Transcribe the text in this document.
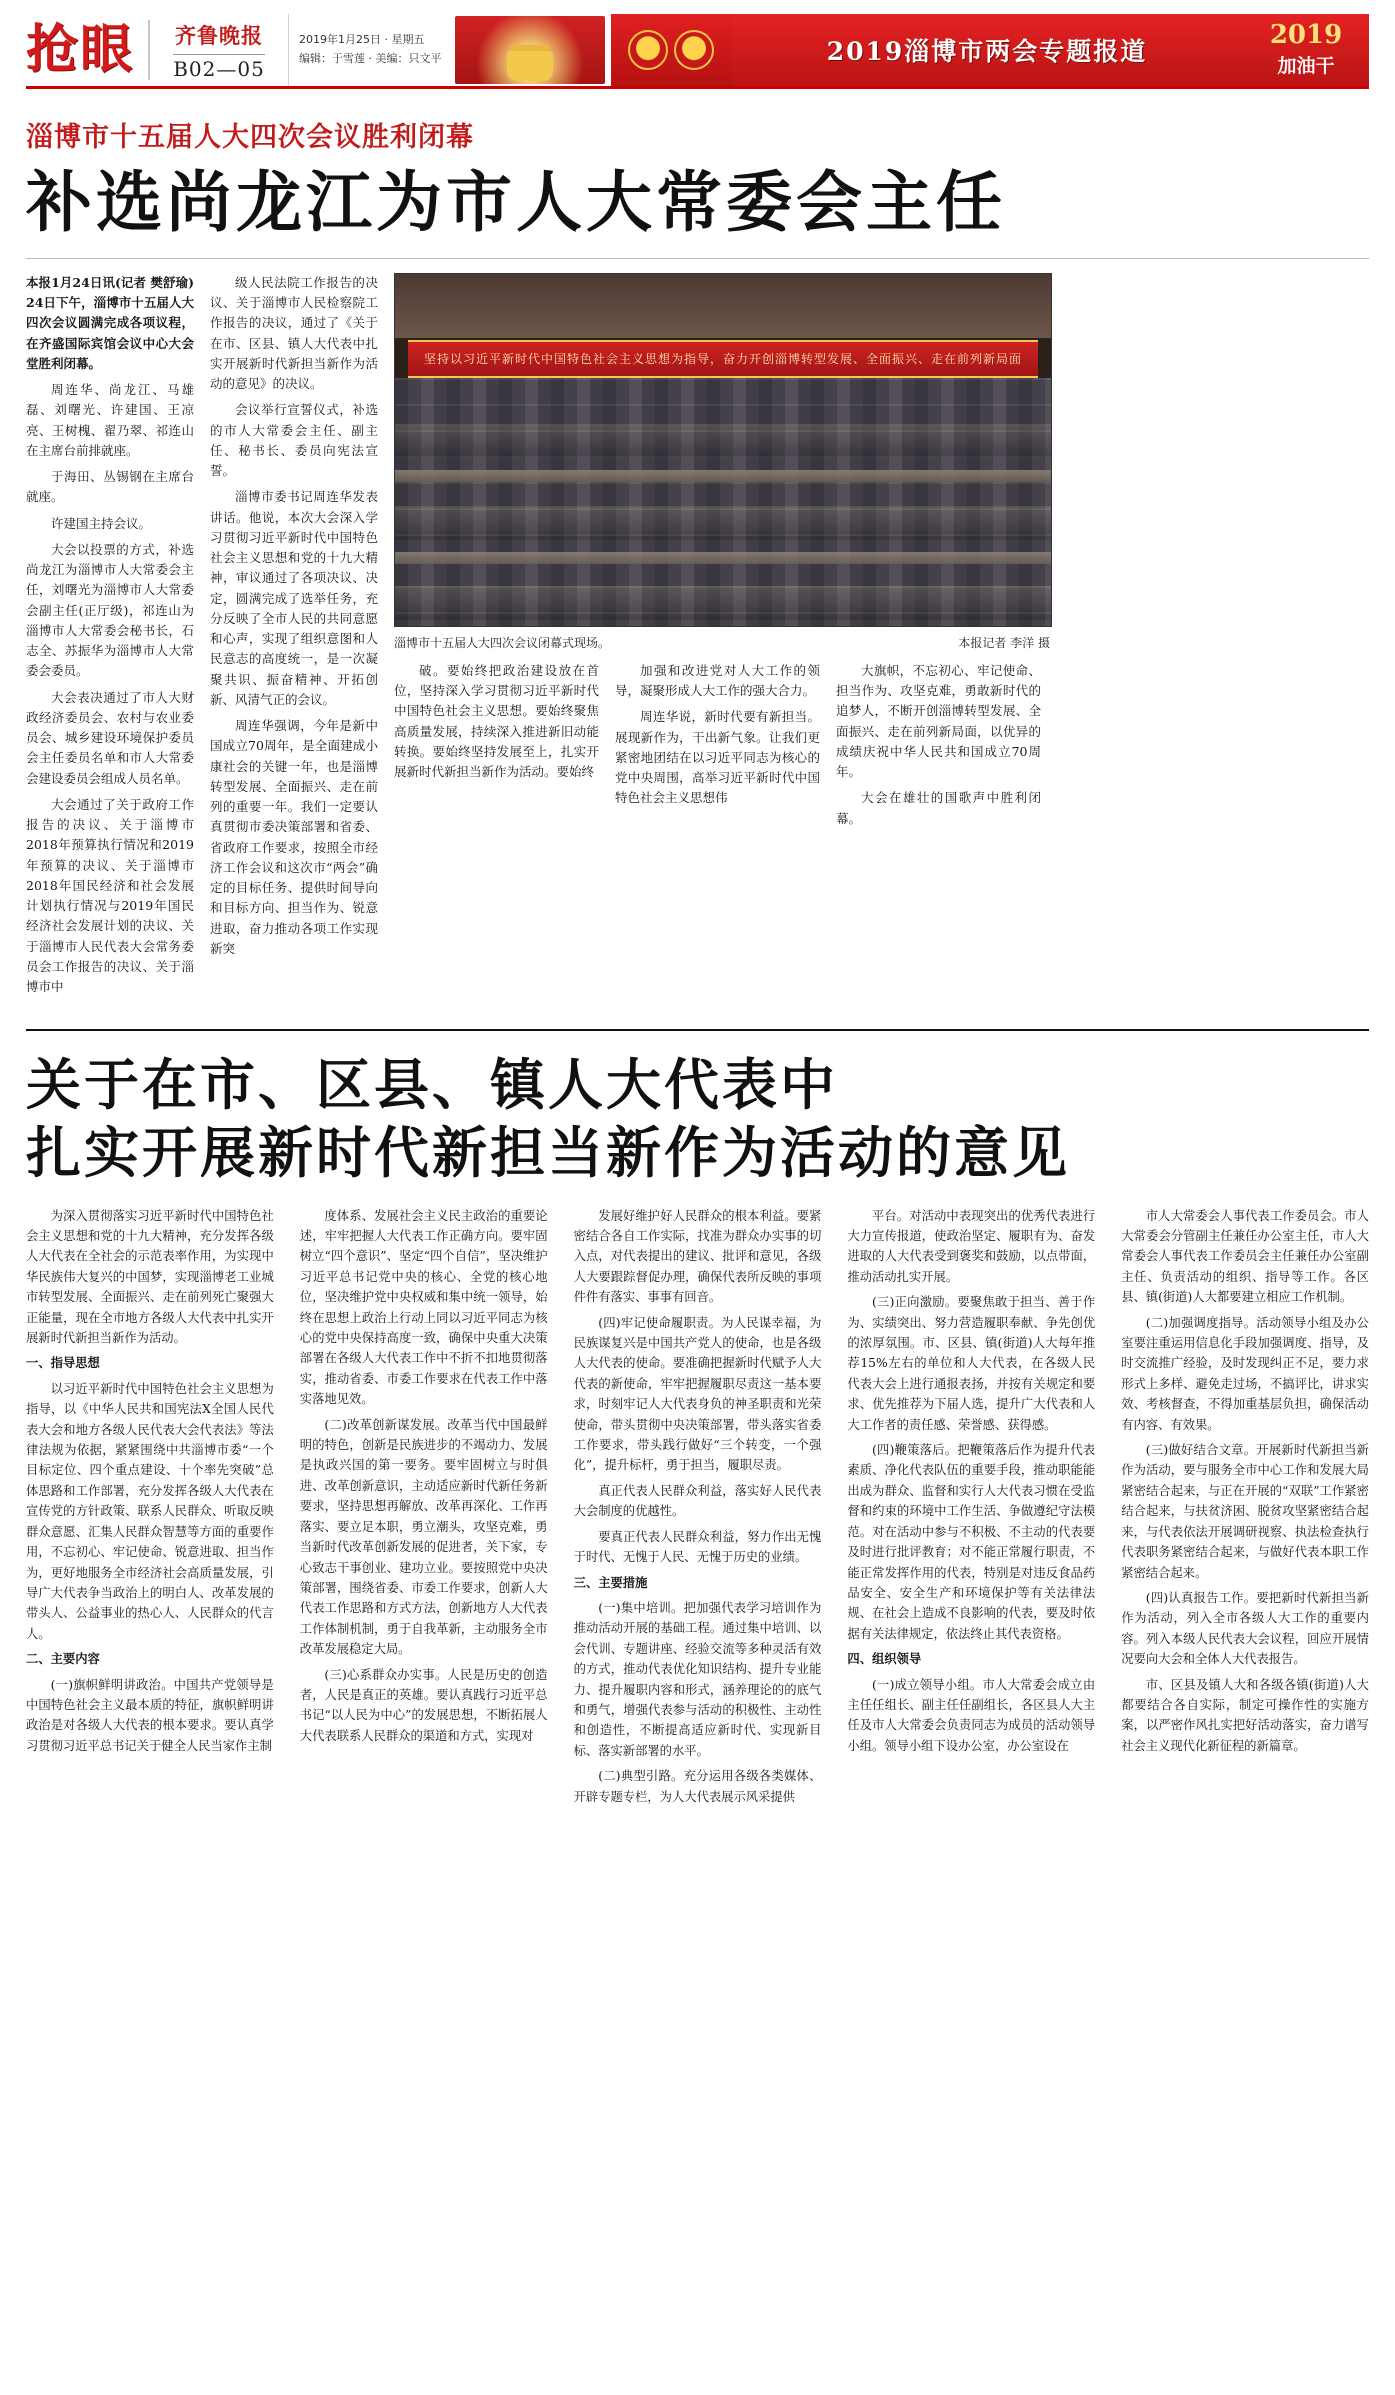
抢眼 齐鲁晚报
B02—05
2019年1月25日 · 星期五
编辑：于雪莲 · 美编：只文平	2019淄博市两会专题报道
2019
加油干
淄博市十五届人大四次会议胜利闭幕
补选尚龙江为市人大常委会主任

本报1月24日讯(记者 樊舒瑜)　24日下午，淄博市十五届人大四次会议圆满完成各项议程，在齐盛国际宾馆会议中心大会堂胜利闭幕。

周连华、尚龙江、马雄磊、刘曙光、许建国、王凉亮、王树槐、翟乃翠、祁连山在主席台前排就座。

于海田、丛锡钢在主席台就座。

许建国主持会议。

大会以投票的方式，补选尚龙江为淄博市人大常委会主任，刘曙光为淄博市人大常委会副主任(正厅级)，祁连山为淄博市人大常委会秘书长，石志全、苏振华为淄博市人大常委会委员。

大会表决通过了市人大财政经济委员会、农村与农业委员会、城乡建设环境保护委员会主任委员名单和市人大常委会建设委员会组成人员名单。

大会通过了关于政府工作报告的决议、关于淄博市2018年预算执行情况和2019年预算的决议、关于淄博市2018年国民经济和社会发展计划执行情况与2019年国民经济社会发展计划的决议、关于淄博市人民代表大会常务委员会工作报告的决议、关于淄博市中

级人民法院工作报告的决议、关于淄博市人民检察院工作报告的决议，通过了《关于在市、区县、镇人大代表中扎实开展新时代新担当新作为活动的意见》的决议。

会议举行宣誓仪式，补选的市人大常委会主任、副主任、秘书长、委员向宪法宣誓。

淄博市委书记周连华发表讲话。他说，本次大会深入学习贯彻习近平新时代中国特色社会主义思想和党的十九大精神，审议通过了各项决议、决定，圆满完成了选举任务，充分反映了全市人民的共同意愿和心声，实现了组织意图和人民意志的高度统一，是一次凝聚共识、振奋精神、开拓创新、风清气正的会议。

周连华强调，今年是新中国成立70周年，是全面建成小康社会的关键一年，也是淄博转型发展、全面振兴、走在前列的重要一年。我们一定要认真贯彻市委决策部署和省委、省政府工作要求，按照全市经济工作会议和这次市“两会”确定的目标任务、提供时间导向和目标方向、担当作为、锐意进取，奋力推动各项工作实现新突

坚持以习近平新时代中国特色社会主义思想为指导，奋力开创淄博转型发展、全面振兴、走在前列新局面
淄博市十五届人大四次会议闭幕式现场。	本报记者 李洋 摄

破。要始终把政治建设放在首位，坚持深入学习贯彻习近平新时代中国特色社会主义思想。要始终聚焦高质量发展，持续深入推进新旧动能转换。要始终坚持发展至上，扎实开展新时代新担当新作为活动。要始终

加强和改进党对人大工作的领导，凝聚形成人大工作的强大合力。

周连华说，新时代要有新担当。展现新作为，干出新气象。让我们更紧密地团结在以习近平同志为核心的党中央周围，高举习近平新时代中国特色社会主义思想伟

大旗帜，不忘初心、牢记使命、担当作为、攻坚克难，勇敢新时代的追梦人，不断开创淄博转型发展、全面振兴、走在前列新局面，以优异的成绩庆祝中华人民共和国成立70周年。

大会在雄壮的国歌声中胜利闭幕。

关于在市、区县、镇人大代表中
扎实开展新时代新担当新作为活动的意见

为深入贯彻落实习近平新时代中国特色社会主义思想和党的十九大精神，充分发挥各级人大代表在全社会的示范表率作用，为实现中华民族伟大复兴的中国梦，实现淄博老工业城市转型发展、全面振兴、走在前列死亡聚强大正能量，现在全市地方各级人大代表中扎实开展新时代新担当新作为活动。

一、指导思想

以习近平新时代中国特色社会主义思想为指导，以《中华人民共和国宪法X全国人民代表大会和地方各级人民代表大会代表法》等法律法规为依据，紧紧围绕中共淄博市委“一个目标定位、四个重点建设、十个率先突破”总体思路和工作部署，充分发挥各级人大代表在宣传党的方针政策、联系人民群众、听取反映群众意愿、汇集人民群众智慧等方面的重要作用，不忘初心、牢记使命、锐意进取、担当作为，更好地服务全市经济社会高质量发展，引导广大代表争当政治上的明白人、改革发展的带头人、公益事业的热心人、人民群众的代言人。

二、主要内容

(一)旗帜鲜明讲政治。中国共产党领导是中国特色社会主义最本质的特征，旗帜鲜明讲政治是对各级人大代表的根本要求。要认真学习贯彻习近平总书记关于健全人民当家作主制

度体系、发展社会主义民主政治的重要论述，牢牢把握人大代表工作正确方向。要牢固树立“四个意识”、坚定“四个自信”，坚决维护习近平总书记党中央的核心、全党的核心地位，坚决维护党中央权威和集中统一领导，始终在思想上政治上行动上同以习近平同志为核心的党中央保持高度一致，确保中央重大决策部署在各级人大代表工作中不折不扣地贯彻落实，推动省委、市委工作要求在代表工作中落实落地见效。

(二)改革创新谋发展。改革当代中国最鲜明的特色，创新是民族进步的不竭动力、发展是执政兴国的第一要务。要牢固树立与时俱进、改革创新意识，主动适应新时代新任务新要求，坚持思想再解放、改革再深化、工作再落实、要立足本职，勇立潮头，攻坚克难，勇当新时代改革创新发展的促进者，关下家，专心致志干事创业、建功立业。要按照党中央决策部署，围绕省委、市委工作要求，创新人大代表工作思路和方式方法，创新地方人大代表工作体制机制，勇于自我革新，主动服务全市改革发展稳定大局。

(三)心系群众办实事。人民是历史的创造者，人民是真正的英雄。要认真践行习近平总书记“以人民为中心”的发展思想，不断拓展人大代表联系人民群众的渠道和方式，实现对

发展好维护好人民群众的根本利益。要紧密结合各自工作实际，找准为群众办实事的切入点，对代表提出的建议、批评和意见，各级人大要跟踪督促办理，确保代表所反映的事项件件有落实、事事有回音。

(四)牢记使命履职责。为人民谋幸福，为民族谋复兴是中国共产党人的使命，也是各级人大代表的使命。要准确把握新时代赋予人大代表的新使命，牢牢把握履职尽责这一基本要求，时刻牢记人大代表身负的神圣职责和光荣使命，带头贯彻中央决策部署，带头落实省委工作要求，带头践行做好“三个转变，一个强化”，提升标杆，勇于担当，履职尽责。

真正代表人民群众利益，落实好人民代表大会制度的优越性。

要真正代表人民群众利益，努力作出无愧于时代、无愧于人民、无愧于历史的业绩。

三、主要措施

(一)集中培训。把加强代表学习培训作为推动活动开展的基础工程。通过集中培训、以会代训、专题讲座、经验交流等多种灵活有效的方式，推动代表优化知识结构、提升专业能力、提升履职内容和形式，涵养理论的的底气和勇气，增强代表参与活动的积极性、主动性和创造性，不断提高适应新时代、实现新目标、落实新部署的水平。

(二)典型引路。充分运用各级各类媒体、开辟专题专栏，为人大代表展示风采提供

平台。对活动中表现突出的优秀代表进行大力宣传报道，使政治坚定、履职有为、奋发进取的人大代表受到褒奖和鼓励，以点带面，推动活动扎实开展。

(三)正向激励。要聚焦敢于担当、善于作为、实绩突出、努力营造履职奉献、争先创优的浓厚氛围。市、区县、镇(街道)人大每年推荐15%左右的单位和人大代表，在各级人民代表大会上进行通报表扬，并按有关规定和要求、优先推荐为下届人选，提升广大代表和人大工作者的责任感、荣誉感、获得感。

(四)鞭策落后。把鞭策落后作为提升代表素质、净化代表队伍的重要手段，推动职能能出成为群众、监督和实行人大代表习惯在受监督和约束的环境中工作生活、争做遵纪守法模范。对在活动中参与不积极、不主动的代表要及时进行批评教育；对不能正常履行职责，不能正常发挥作用的代表，特别是对违反食品药品安全、安全生产和环境保护等有关法律法规、在社会上造成不良影响的代表，要及时依据有关法律规定，依法终止其代表资格。

四、组织领导

(一)成立领导小组。市人大常委会成立由主任任组长、副主任任副组长，各区县人大主任及市人大常委会负责同志为成员的活动领导小组。领导小组下设办公室，办公室设在

市人大常委会人事代表工作委员会。市人大常委会分管副主任兼任办公室主任，市人大常委会人事代表工作委员会主任兼任办公室副主任、负责活动的组织、指导等工作。各区县、镇(街道)人大都要建立相应工作机制。

(二)加强调度指导。活动领导小组及办公室要注重运用信息化手段加强调度、指导，及时交流推广经验，及时发现纠正不足，要力求形式上多样、避免走过场，不搞评比，讲求实效、考核督查，不得加重基层负担，确保活动有内容、有效果。

(三)做好结合文章。开展新时代新担当新作为活动，要与服务全市中心工作和发展大局紧密结合起来，与正在开展的“双联”工作紧密结合起来，与扶贫济困、脱贫攻坚紧密结合起来，与代表依法开展调研视察、执法检查执行代表职务紧密结合起来，与做好代表本职工作紧密结合起来。

(四)认真报告工作。要把新时代新担当新作为活动，列入全市各级人大工作的重要内容。列入本级人民代表大会议程，回应开展情况要向大会和全体人大代表报告。

市、区县及镇人大和各级各镇(街道)人大都要结合各自实际，制定可操作性的实施方案，以严密作风扎实把好活动落实，奋力谱写社会主义现代化新征程的新篇章。
